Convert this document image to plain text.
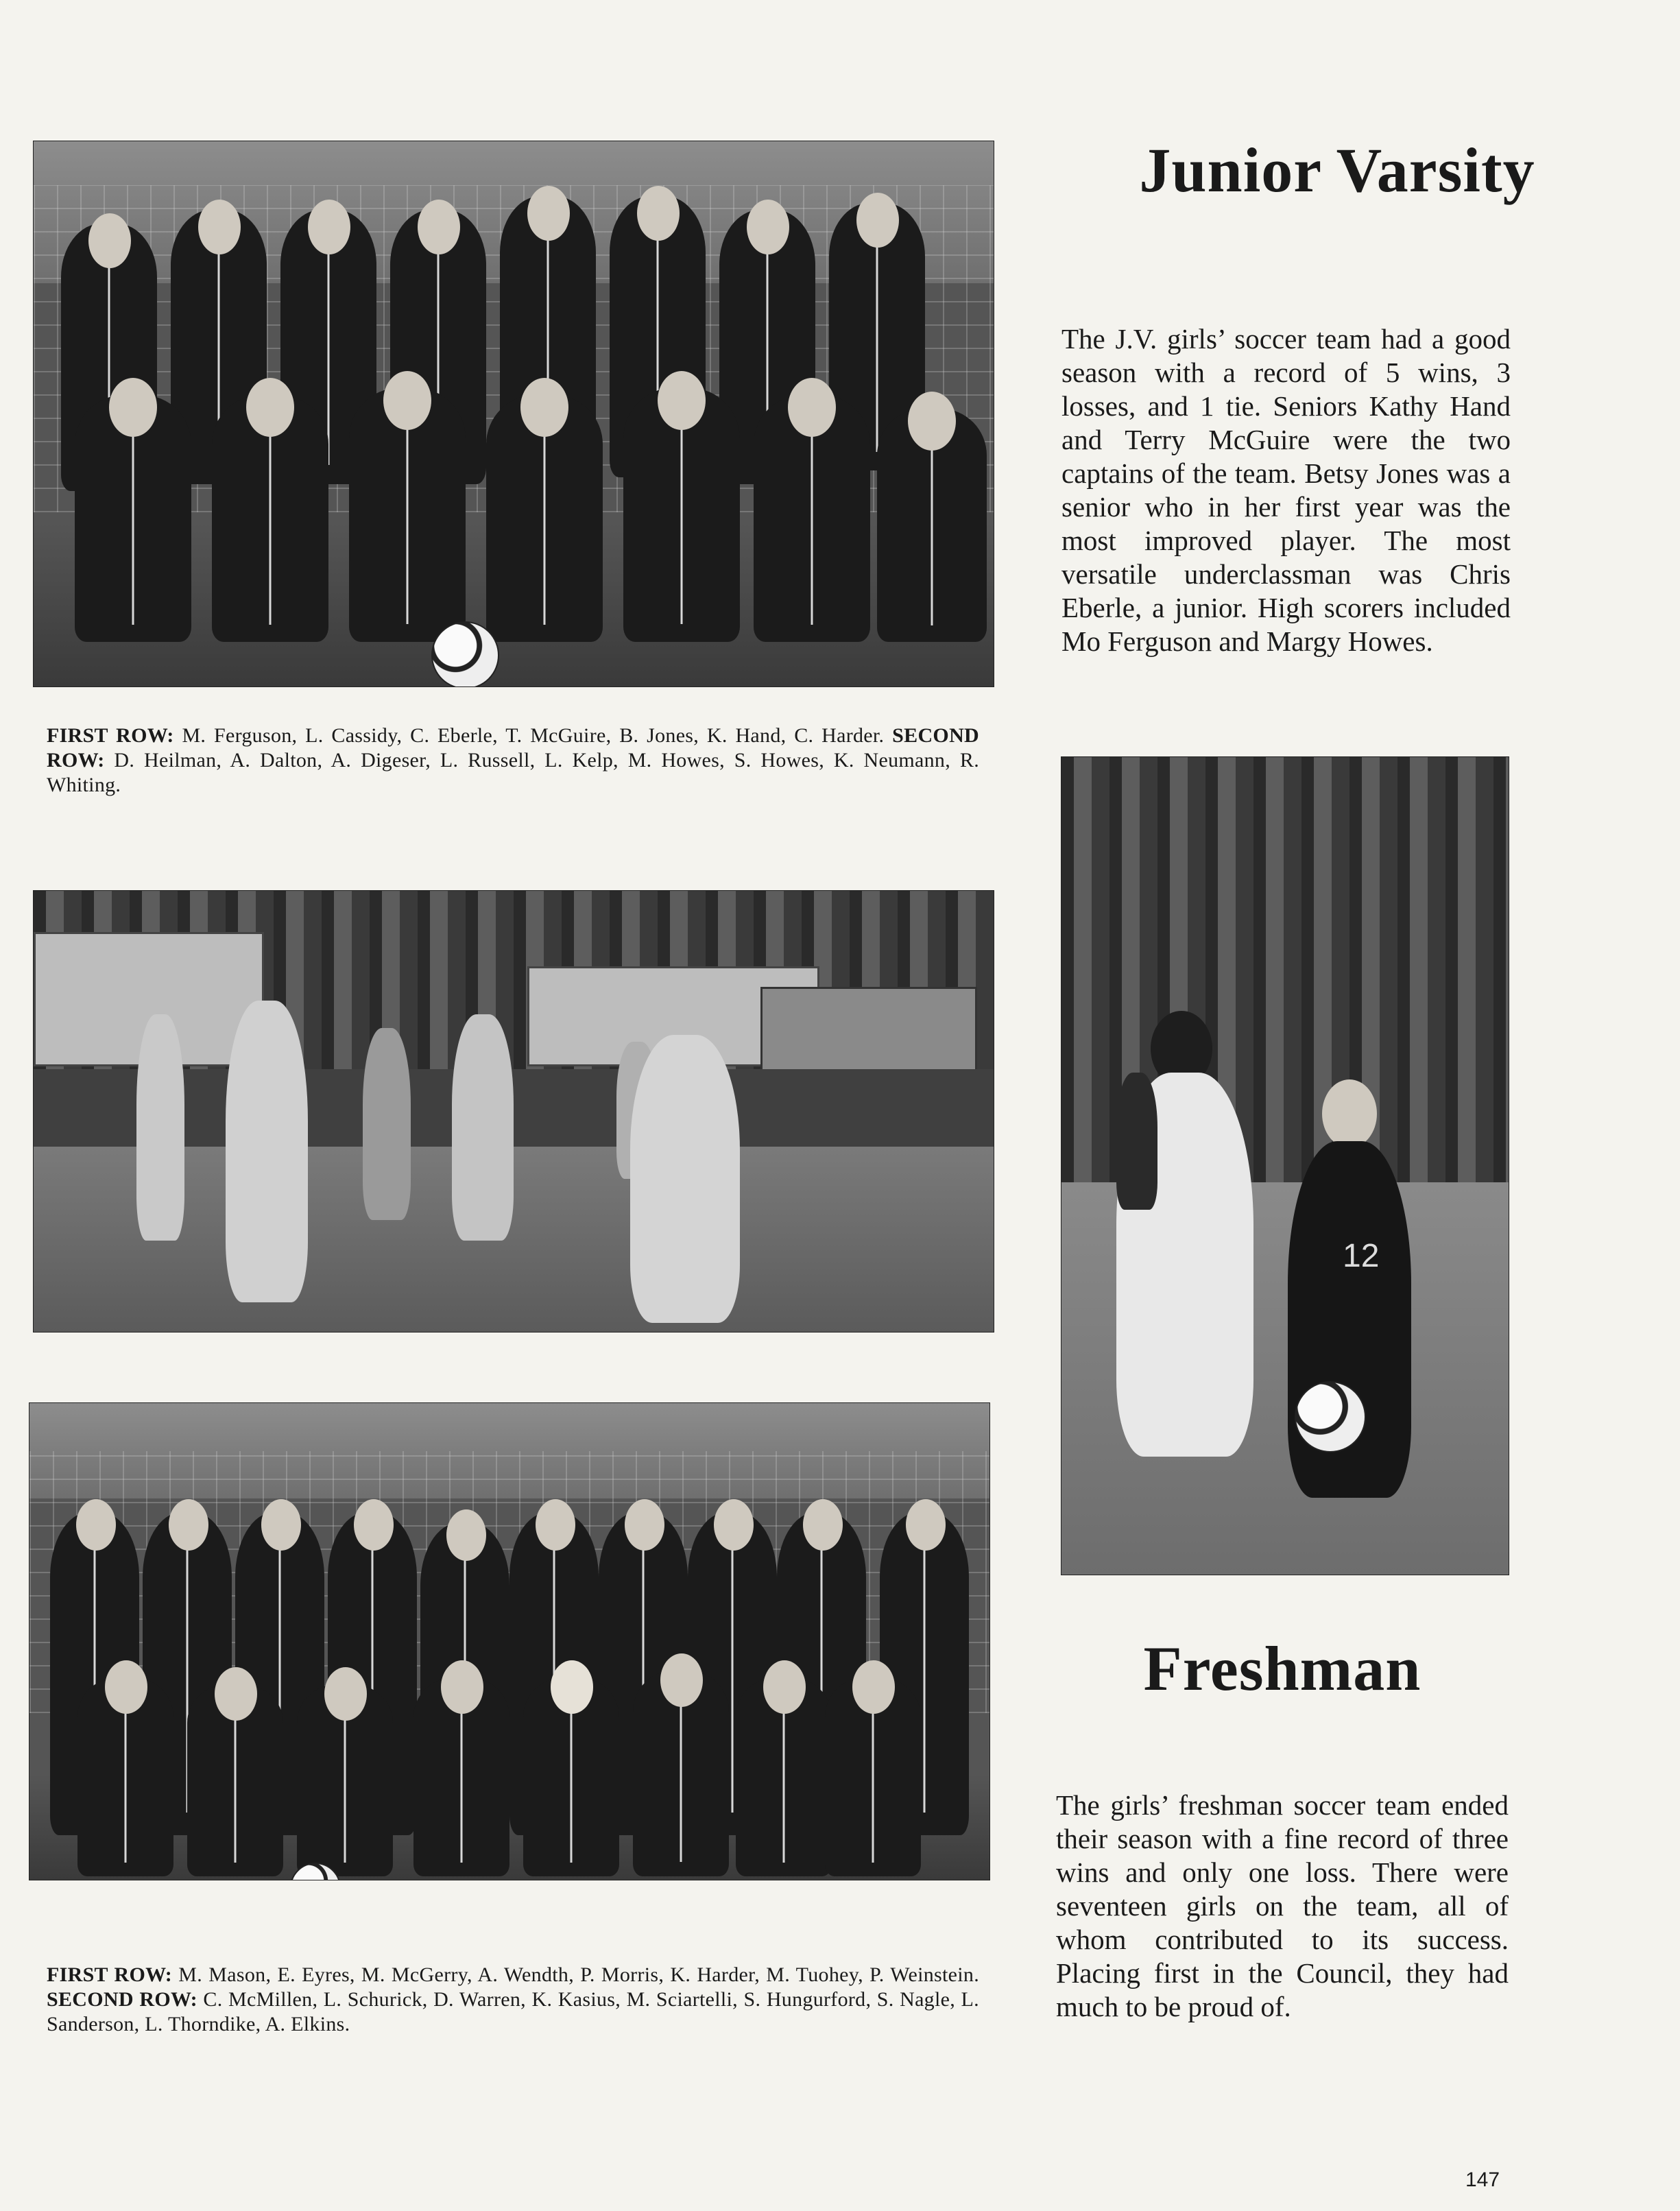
Junior Varsity

The J.V. girls’ soccer team had a good season with a record of 5 wins, 3 losses, and 1 tie. Seniors Kathy Hand and Terry McGuire were the two captains of the team. Betsy Jones was a senior who in her first year was the most improved player. The most versatile underclassman was Chris Eberle, a junior. High scorers included Mo Ferguson and Margy Howes.

FIRST ROW: M. Ferguson, L. Cassidy, C. Eberle, T. McGuire, B. Jones, K. Hand, C. Harder. SECOND ROW: D. Heilman, A. Dalton, A. Digeser, L. Russell, L. Kelp, M. Howes, S. Howes, K. Neumann, R. Whiting.

FIRST ROW: M. Mason, E. Eyres, M. McGerry, A. Wendth, P. Morris, K. Harder, M. Tuohey, P. Weinstein. SECOND ROW: C. McMillen, L. Schurick, D. Warren, K. Kasius, M. Sciartelli, S. Hungurford, S. Nagle, L. Sanderson, L. Thorndike, A. Elkins.

12
Freshman

The girls’ freshman soccer team ended their season with a fine record of three wins and only one loss. There were seventeen girls on the team, all of whom contributed to its success. Placing first in the Council, they had much to be proud of.

147
